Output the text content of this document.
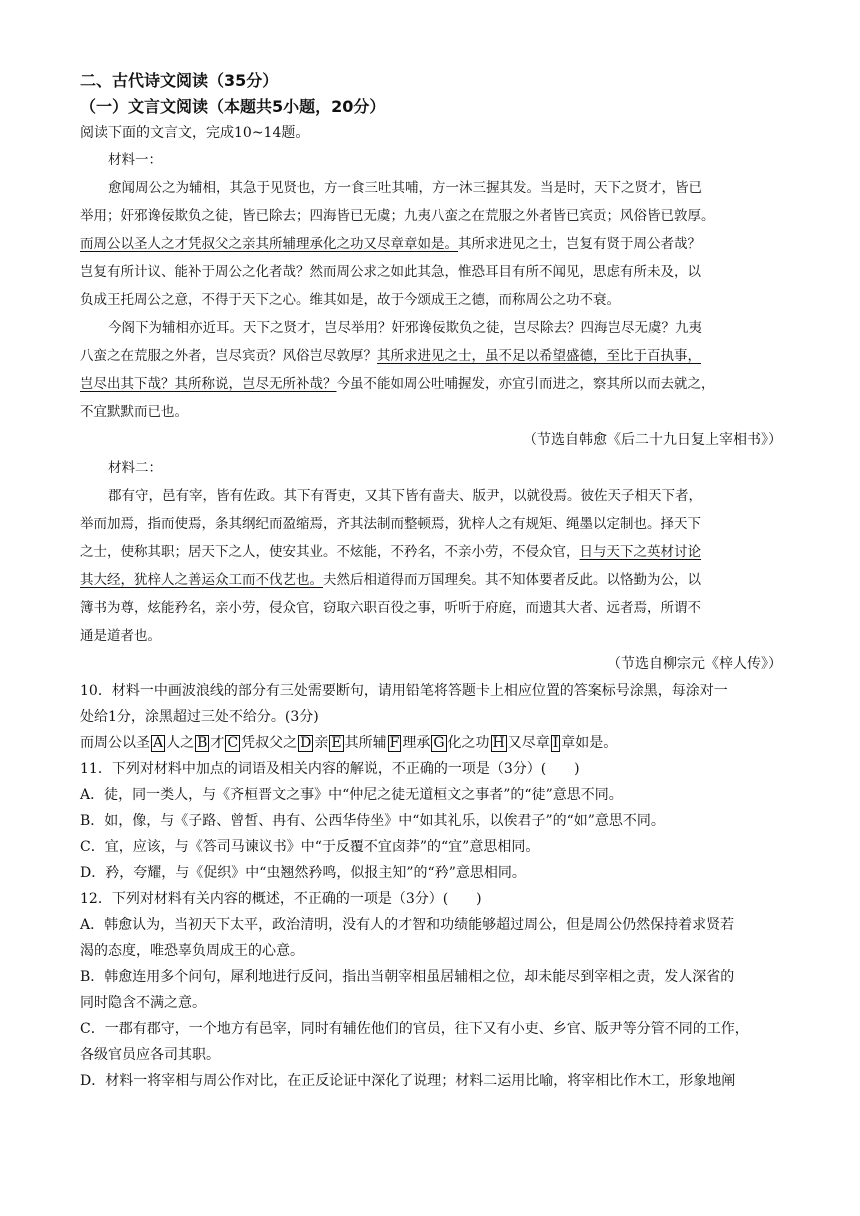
二、古代诗文阅读（35分）
（一）文言文阅读（本题共5小题，20分）
阅读下面的文言文，完成10~14题。
材料一：
愈闻周公之为辅相，其急于见贤也，方一食三吐其哺，方一沐三握其发。当是时，天下之贤才，皆已
举用；奸邪谗佞欺负之徒，皆已除去；四海皆已无虞；九夷八蛮之在荒服之外者皆已宾贡；风俗皆已敦厚。
而周公以圣人之才凭叔父之亲其所辅理承化之功又尽章章如是。其所求进见之士，岂复有贤于周公者哉？
岂复有所计议、能补于周公之化者哉？然而周公求之如此其急，惟恐耳目有所不闻见，思虑有所未及，以
负成王托周公之意，不得于天下之心。维其如是，故于今颂成王之德，而称周公之功不衰。
今阁下为辅相亦近耳。天下之贤才，岂尽举用？奸邪谗佞欺负之徒，岂尽除去？四海岂尽无虞？九夷
八蛮之在荒服之外者，岂尽宾贡？风俗岂尽敦厚？其所求进见之士，虽不足以希望盛德，至比于百执事，
岂尽出其下哉？其所称说，岂尽无所补哉？今虽不能如周公吐哺握发，亦宜引而进之，察其所以而去就之，
不宜默默而已也。
（节选自韩愈《后二十九日复上宰相书》）
材料二：
郡有守，邑有宰，皆有佐政。其下有胥吏，又其下皆有啬夫、版尹，以就役焉。彼佐天子相天下者，
举而加焉，指而使焉，条其纲纪而盈缩焉，齐其法制而整顿焉，犹梓人之有规矩、绳墨以定制也。择天下
之士，使称其职；居天下之人，使安其业。不炫能，不矜名，不亲小劳，不侵众官，日与天下之英材讨论
其大经，犹梓人之善运众工而不伐艺也。夫然后相道得而万国理矣。其不知体要者反此。以恪勤为公，以
簿书为尊，炫能矜名，亲小劳，侵众官，窃取六职百役之事，听听于府庭，而遗其大者、远者焉，所谓不
通是道者也。
（节选自柳宗元《梓人传》）
10．材料一中画波浪线的部分有三处需要断句，请用铅笔将答题卡上相应位置的答案标号涂黑，每涂对一
处给1分，涂黑超过三处不给分。(3分)
而周公以圣 A 人之 B 才 C 凭叔父之 D 亲 E 其所辅 F 理承 G 化之功 H 又尽章 I 章如是。
11．下列对材料中加点的词语及相关内容的解说，不正确的一项是（3分）(　　)
A．徒，同一类人，与《齐桓晋文之事》中“仲尼之徒无道桓文之事者”的“徒”意思不同。
B．如，像，与《子路、曾皙、冉有、公西华侍坐》中“如其礼乐，以俟君子”的“如”意思不同。
C．宜，应该，与《答司马谏议书》中“于反覆不宜卤莽”的“宜”意思相同。
D．矜，夸耀，与《促织》中“虫翘然矜鸣，似报主知”的“矜”意思相同。
12．下列对材料有关内容的概述，不正确的一项是（3分）(　　)
A．韩愈认为，当初天下太平，政治清明，没有人的才智和功绩能够超过周公，但是周公仍然保持着求贤若
渴的态度，唯恐辜负周成王的心意。
B．韩愈连用多个问句，犀利地进行反问，指出当朝宰相虽居辅相之位，却未能尽到宰相之责，发人深省的
同时隐含不满之意。
C．一郡有郡守，一个地方有邑宰，同时有辅佐他们的官员，往下又有小吏、乡官、版尹等分管不同的工作，
各级官员应各司其职。
D．材料一将宰相与周公作对比，在正反论证中深化了说理；材料二运用比喻，将宰相比作木工，形象地阐
